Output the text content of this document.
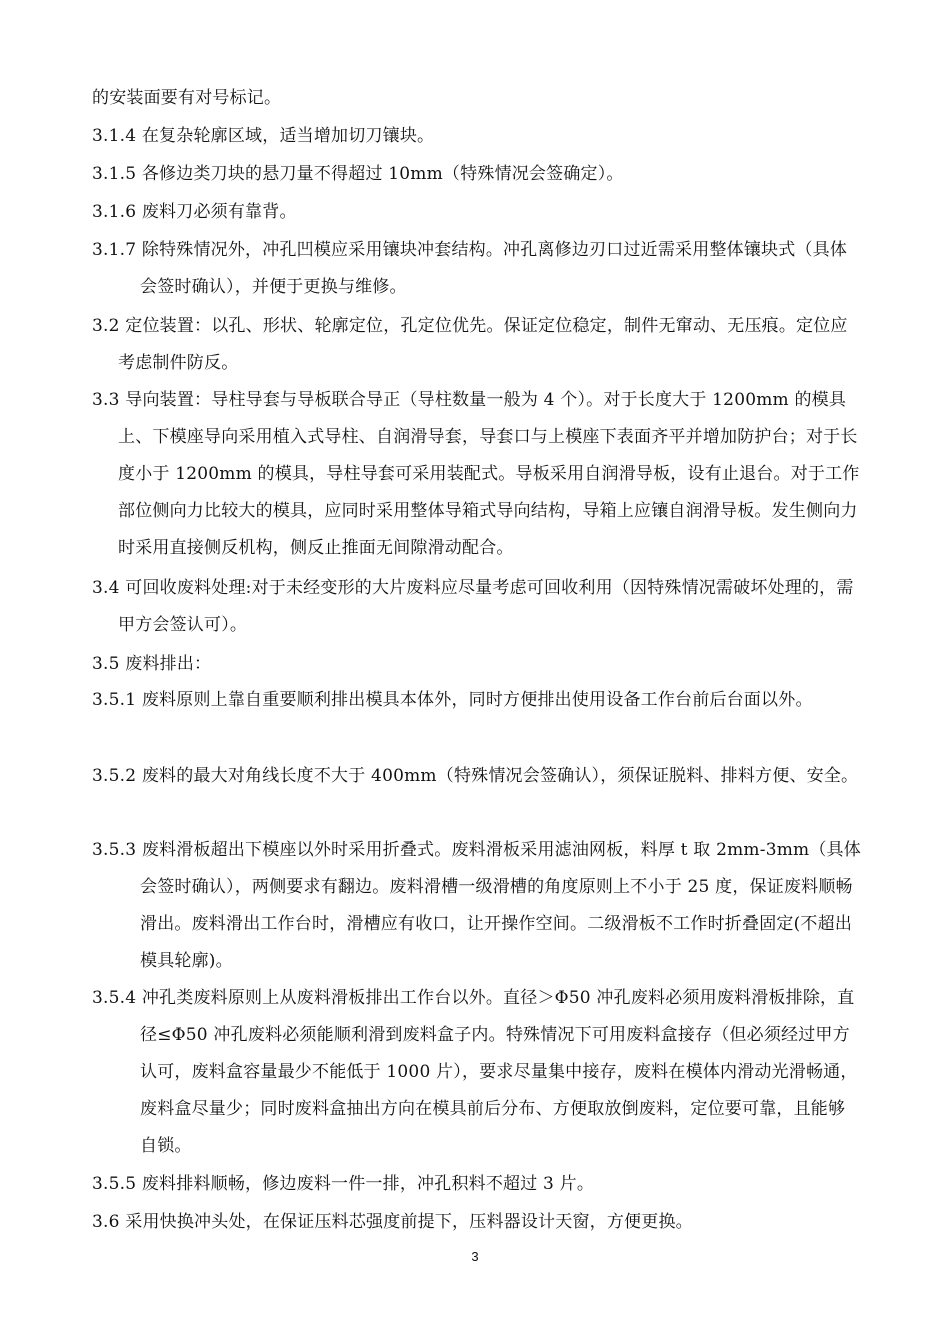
的安装面要有对号标记。

3.1.4 在复杂轮廓区域，适当增加切刀镶块。

3.1.5 各修边类刀块的悬刀量不得超过 10mm（特殊情况会签确定）。

3.1.6 废料刀必须有靠背。

3.1.7 除特殊情况外，冲孔凹模应采用镶块冲套结构。冲孔离修边刃口过近需采用整体镶块式（具体会签时确认），并便于更换与维修。

3.2 定位装置：以孔、形状、轮廓定位，孔定位优先。保证定位稳定，制件无窜动、无压痕。定位应考虑制件防反。

3.3 导向装置：导柱导套与导板联合导正（导柱数量一般为 4 个）。对于长度大于 1200mm 的模具上、下模座导向采用植入式导柱、自润滑导套，导套口与上模座下表面齐平并增加防护台；对于长度小于 1200mm 的模具，导柱导套可采用装配式。导板采用自润滑导板，设有止退台。对于工作部位侧向力比较大的模具，应同时采用整体导箱式导向结构，导箱上应镶自润滑导板。发生侧向力时采用直接侧反机构，侧反止推面无间隙滑动配合。

3.4 可回收废料处理:对于未经变形的大片废料应尽量考虑可回收利用（因特殊情况需破坏处理的，需甲方会签认可）。

3.5 废料排出：

3.5.1 废料原则上靠自重要顺利排出模具本体外，同时方便排出使用设备工作台前后台面以外。

3.5.2 废料的最大对角线长度不大于 400mm（特殊情况会签确认），须保证脱料、排料方便、安全。

3.5.3 废料滑板超出下模座以外时采用折叠式。废料滑板采用滤油网板，料厚 t 取 2mm-3mm（具体会签时确认），两侧要求有翻边。废料滑槽一级滑槽的角度原则上不小于 25 度，保证废料顺畅滑出。废料滑出工作台时，滑槽应有收口，让开操作空间。二级滑板不工作时折叠固定(不超出模具轮廓)。

3.5.4 冲孔类废料原则上从废料滑板排出工作台以外。直径＞Φ50 冲孔废料必须用废料滑板排除，直径≤Φ50 冲孔废料必须能顺利滑到废料盒子内。特殊情况下可用废料盒接存（但必须经过甲方认可，废料盒容量最少不能低于 1000 片），要求尽量集中接存，废料在模体内滑动光滑畅通，废料盒尽量少；同时废料盒抽出方向在模具前后分布、方便取放倒废料，定位要可靠，且能够自锁。

3.5.5 废料排料顺畅，修边废料一件一排，冲孔积料不超过 3 片。

3.6 采用快换冲头处，在保证压料芯强度前提下，压料器设计天窗，方便更换。

3
